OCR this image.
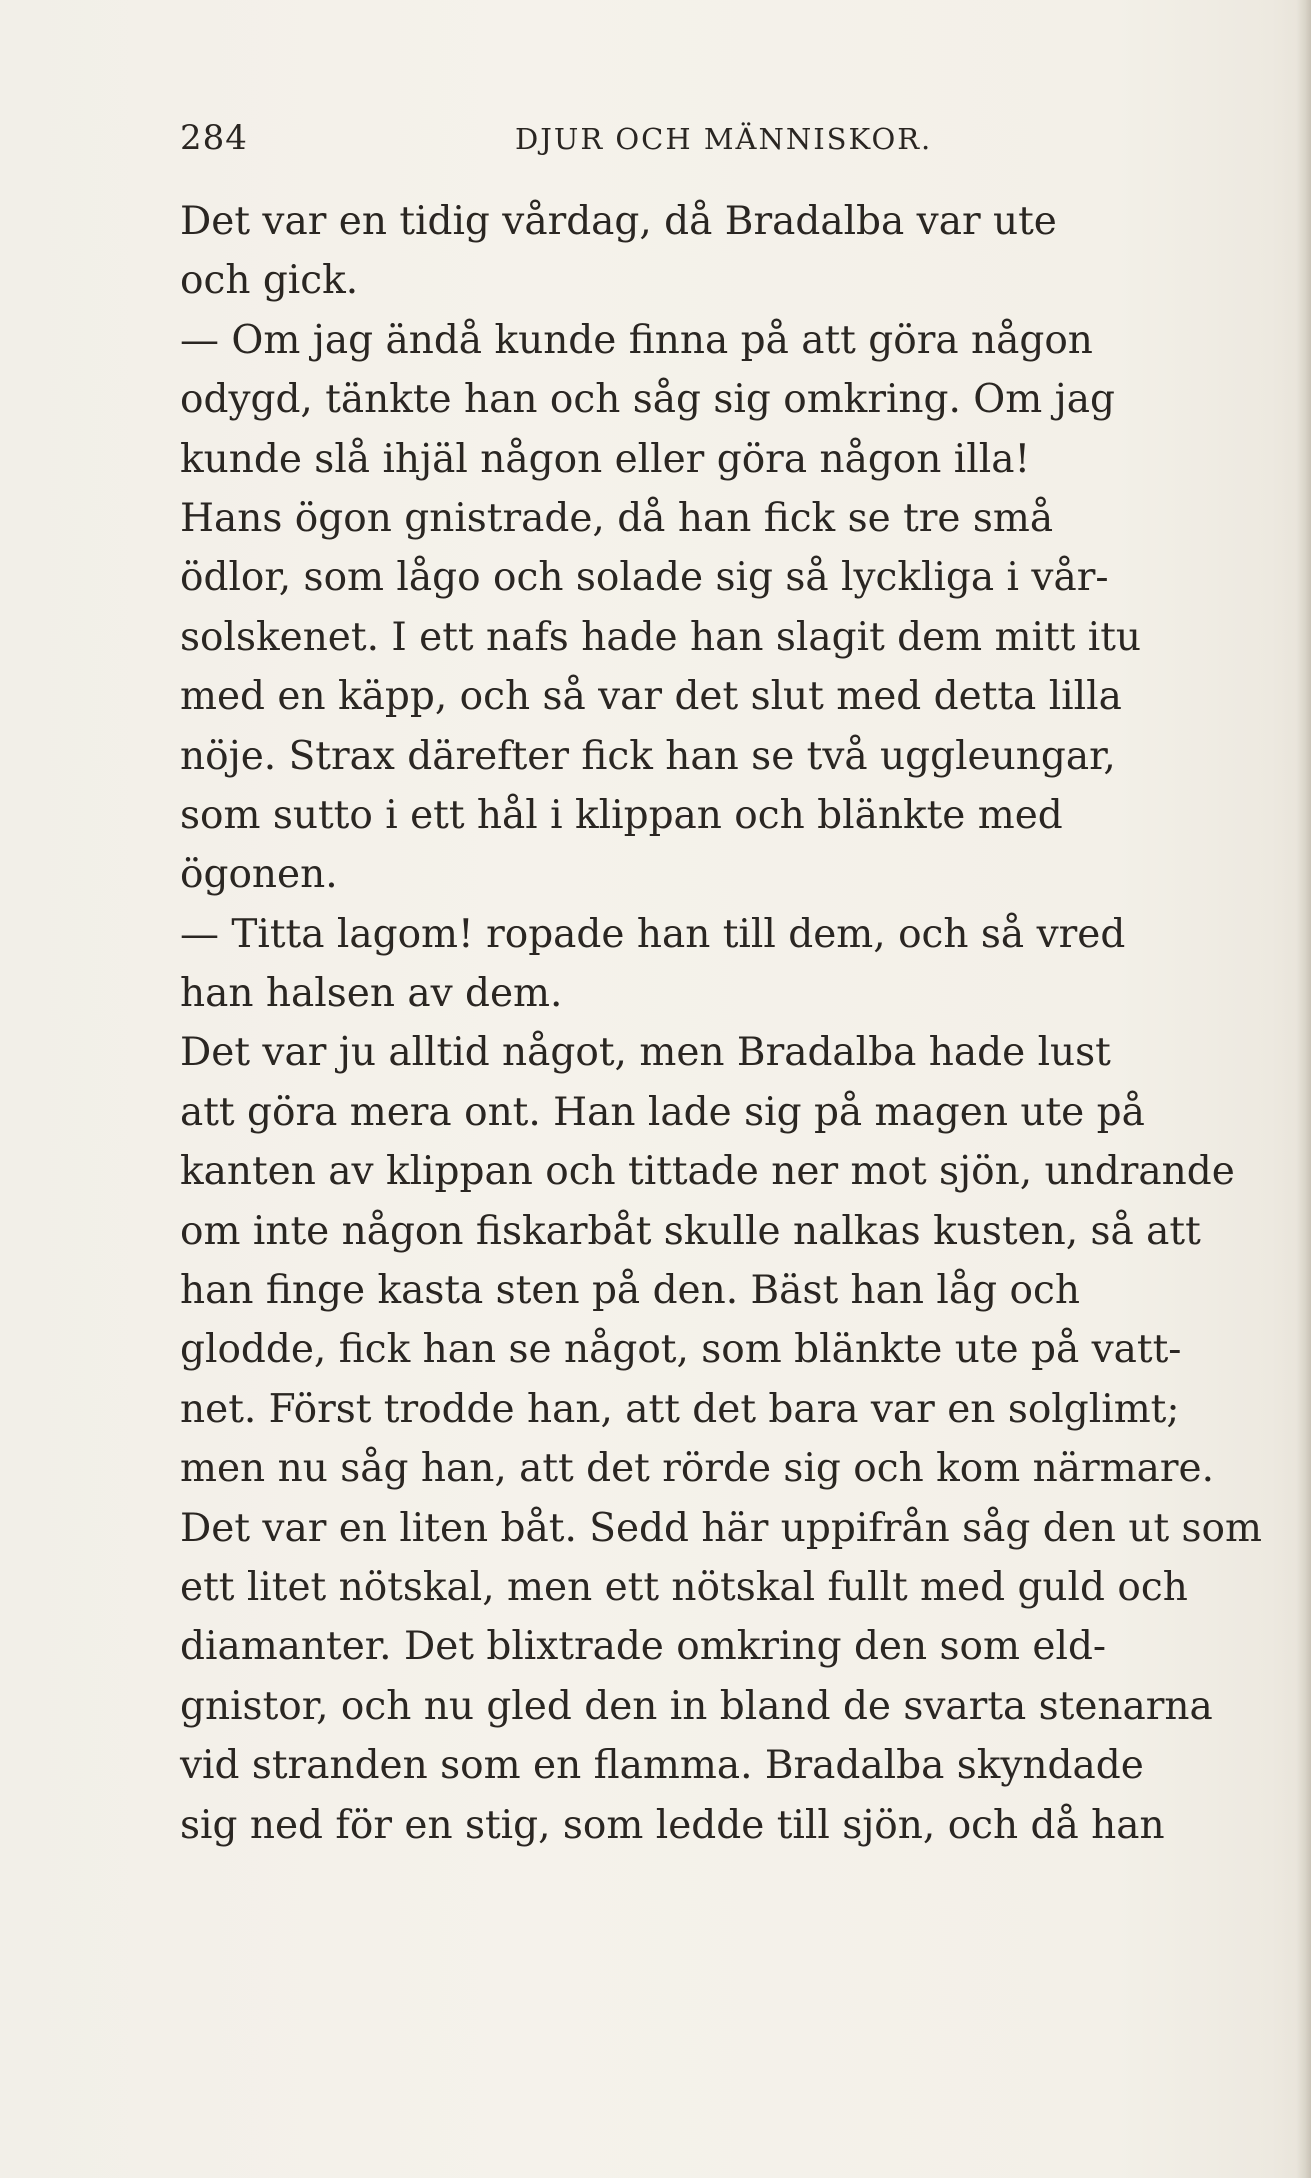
284	DJUR OCH MÄNNISKOR.
Det var en tidig vårdag, då Bradalba var ute
och gick.
— Om jag ändå kunde finna på att göra någon
odygd, tänkte han och såg sig omkring. Om jag
kunde slå ihjäl någon eller göra någon illa!
Hans ögon gnistrade, då han fick se tre små
ödlor, som lågo och solade sig så lyckliga i vår-
solskenet. I ett nafs hade han slagit dem mitt itu
med en käpp, och så var det slut med detta lilla
nöje. Strax därefter fick han se två uggleungar,
som sutto i ett hål i klippan och blänkte med
ögonen.
— Titta lagom! ropade han till dem, och så vred
han halsen av dem.
Det var ju alltid något, men Bradalba hade lust
att göra mera ont. Han lade sig på magen ute på
kanten av klippan och tittade ner mot sjön, undrande
om inte någon fiskarbåt skulle nalkas kusten, så att
han finge kasta sten på den. Bäst han låg och
glodde, fick han se något, som blänkte ute på vatt-
net. Först trodde han, att det bara var en solglimt;
men nu såg han, att det rörde sig och kom närmare.
Det var en liten båt. Sedd här uppifrån såg den ut som
ett litet nötskal, men ett nötskal fullt med guld och
diamanter. Det blixtrade omkring den som eld-
gnistor, och nu gled den in bland de svarta stenarna
vid stranden som en flamma. Bradalba skyndade
sig ned för en stig, som ledde till sjön, och då han
